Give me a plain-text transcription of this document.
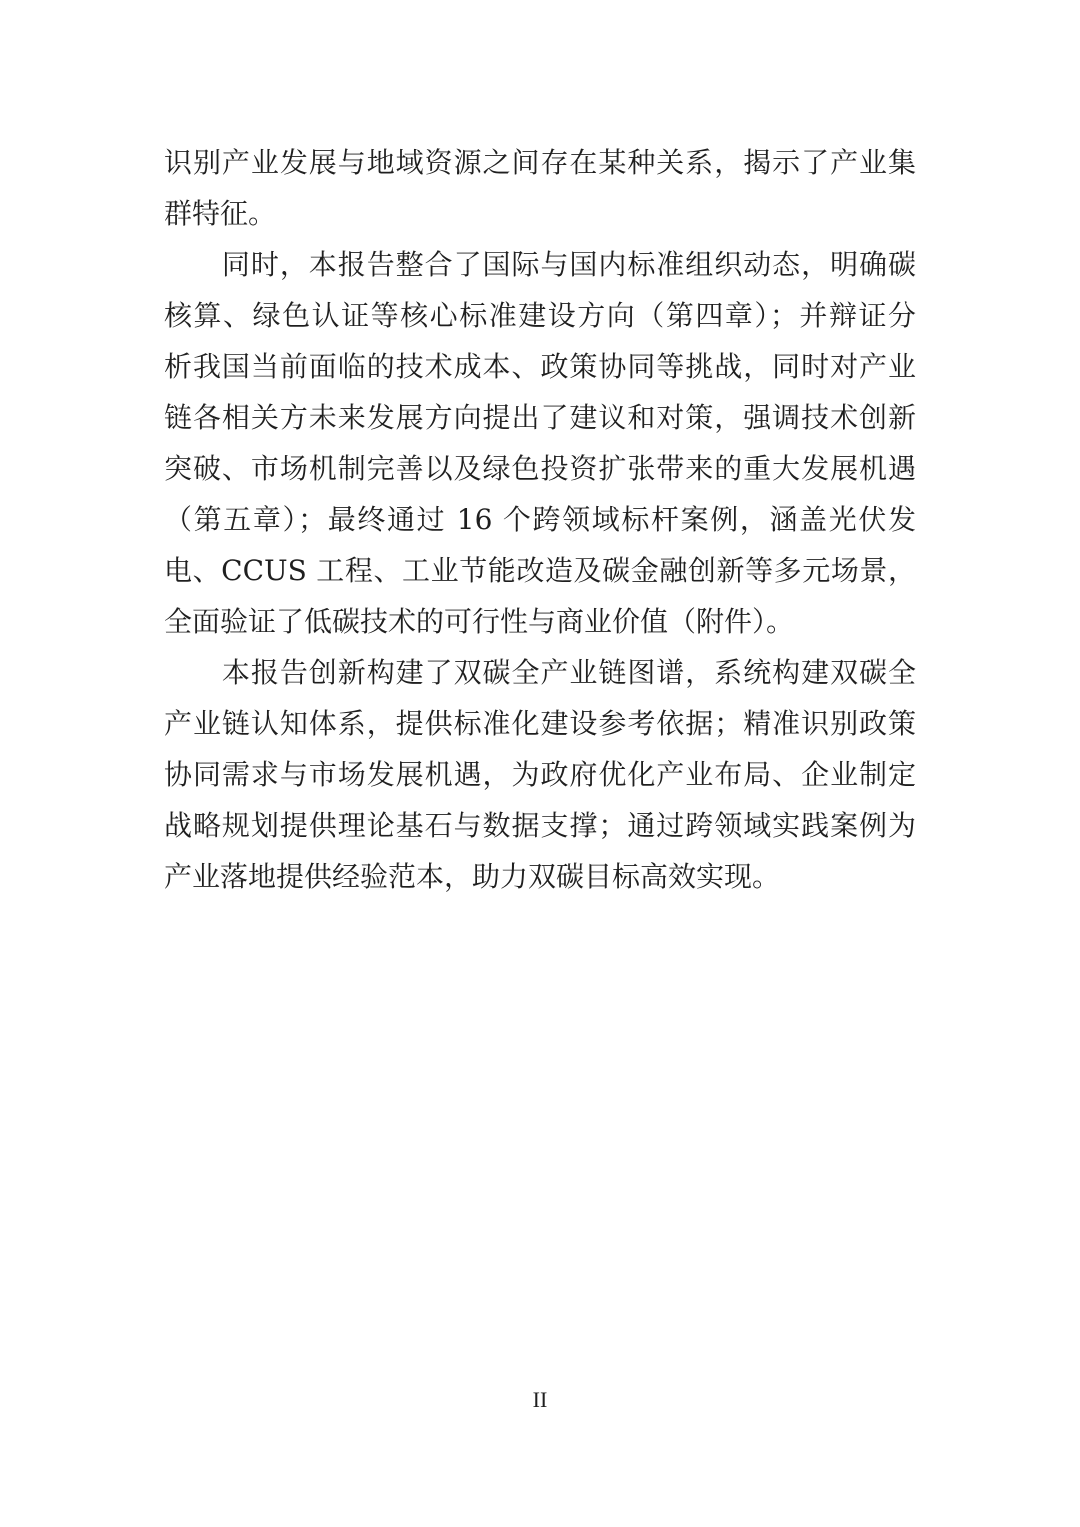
识别产业发展与地域资源之间存在某种关系，揭示了产业集
群特征。
　　同时，本报告整合了国际与国内标准组织动态，明确碳
核算、绿色认证等核心标准建设方向（第四章）；并辩证分
析我国当前面临的技术成本、政策协同等挑战，同时对产业
链各相关方未来发展方向提出了建议和对策，强调技术创新
突破、市场机制完善以及绿色投资扩张带来的重大发展机遇
（第五章）；最终通过 16 个跨领域标杆案例，涵盖光伏发
电、CCUS 工程、工业节能改造及碳金融创新等多元场景，
全面验证了低碳技术的可行性与商业价值（附件）。
　　本报告创新构建了双碳全产业链图谱，系统构建双碳全
产业链认知体系，提供标准化建设参考依据；精准识别政策
协同需求与市场发展机遇，为政府优化产业布局、企业制定
战略规划提供理论基石与数据支撑；通过跨领域实践案例为
产业落地提供经验范本，助力双碳目标高效实现。
II
